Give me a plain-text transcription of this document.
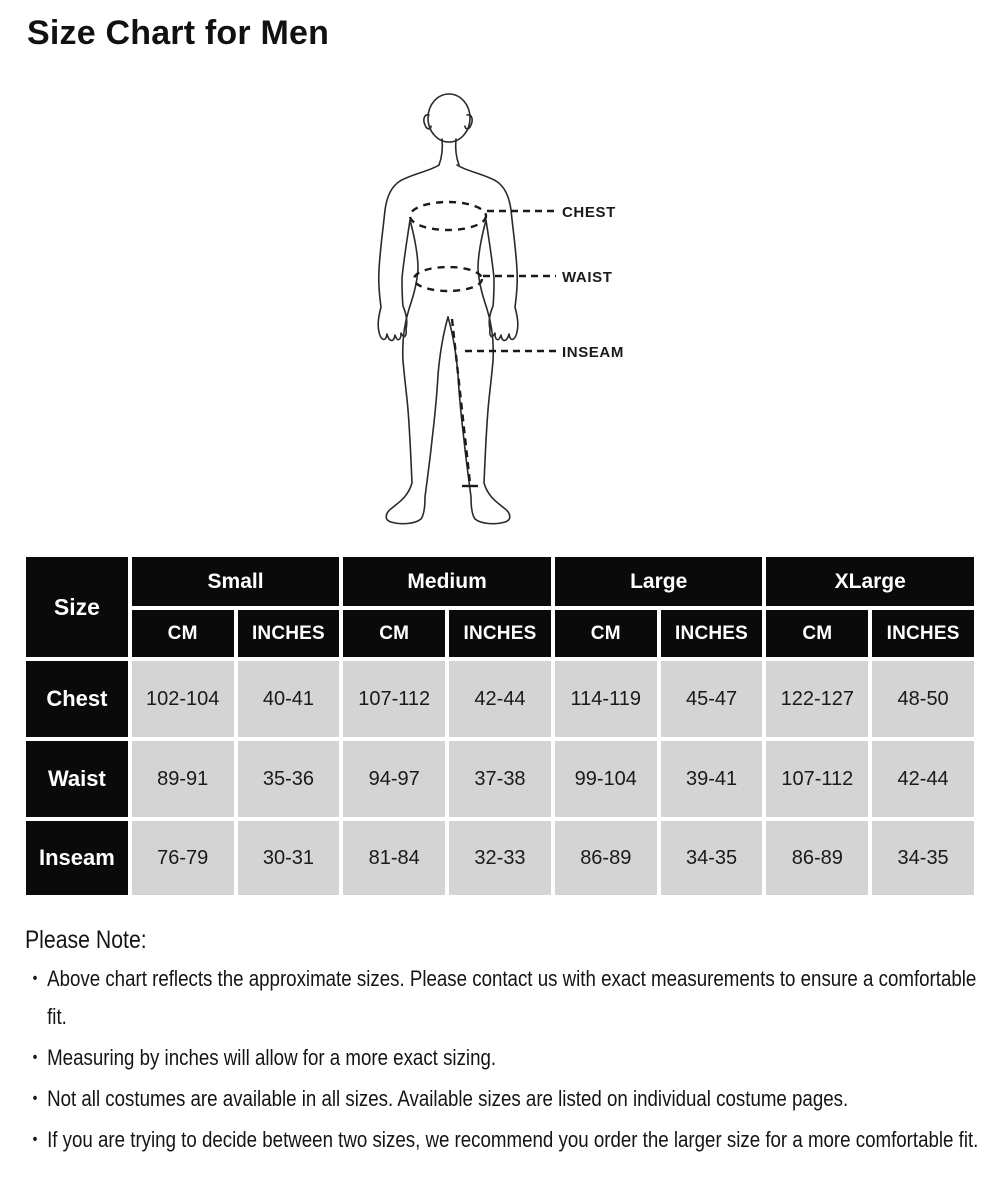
Size Chart for Men
CHEST
WAIST
INSEAM
Size
Small	Medium	Large	XLarge
CM	INCHES	CM	INCHES	CM	INCHES	CM	INCHES
Chest	102-104	40-41	107-112	42-44	114-119	45-47	122-127	48-50
Waist	89-91	35-36	94-97	37-38	99-104	39-41	107-112	42-44
Inseam	76-79	30-31	81-84	32-33	86-89	34-35	86-89	34-35
Please Note:
• Above chart reflects the approximate sizes. Please contact us with exact measurements to ensure a comfortable fit.
• Measuring by inches will allow for a more exact sizing.
• Not all costumes are available in all sizes. Available sizes are listed on individual costume pages.
• If you are trying to decide between two sizes, we recommend you order the larger size for a more comfortable fit.
